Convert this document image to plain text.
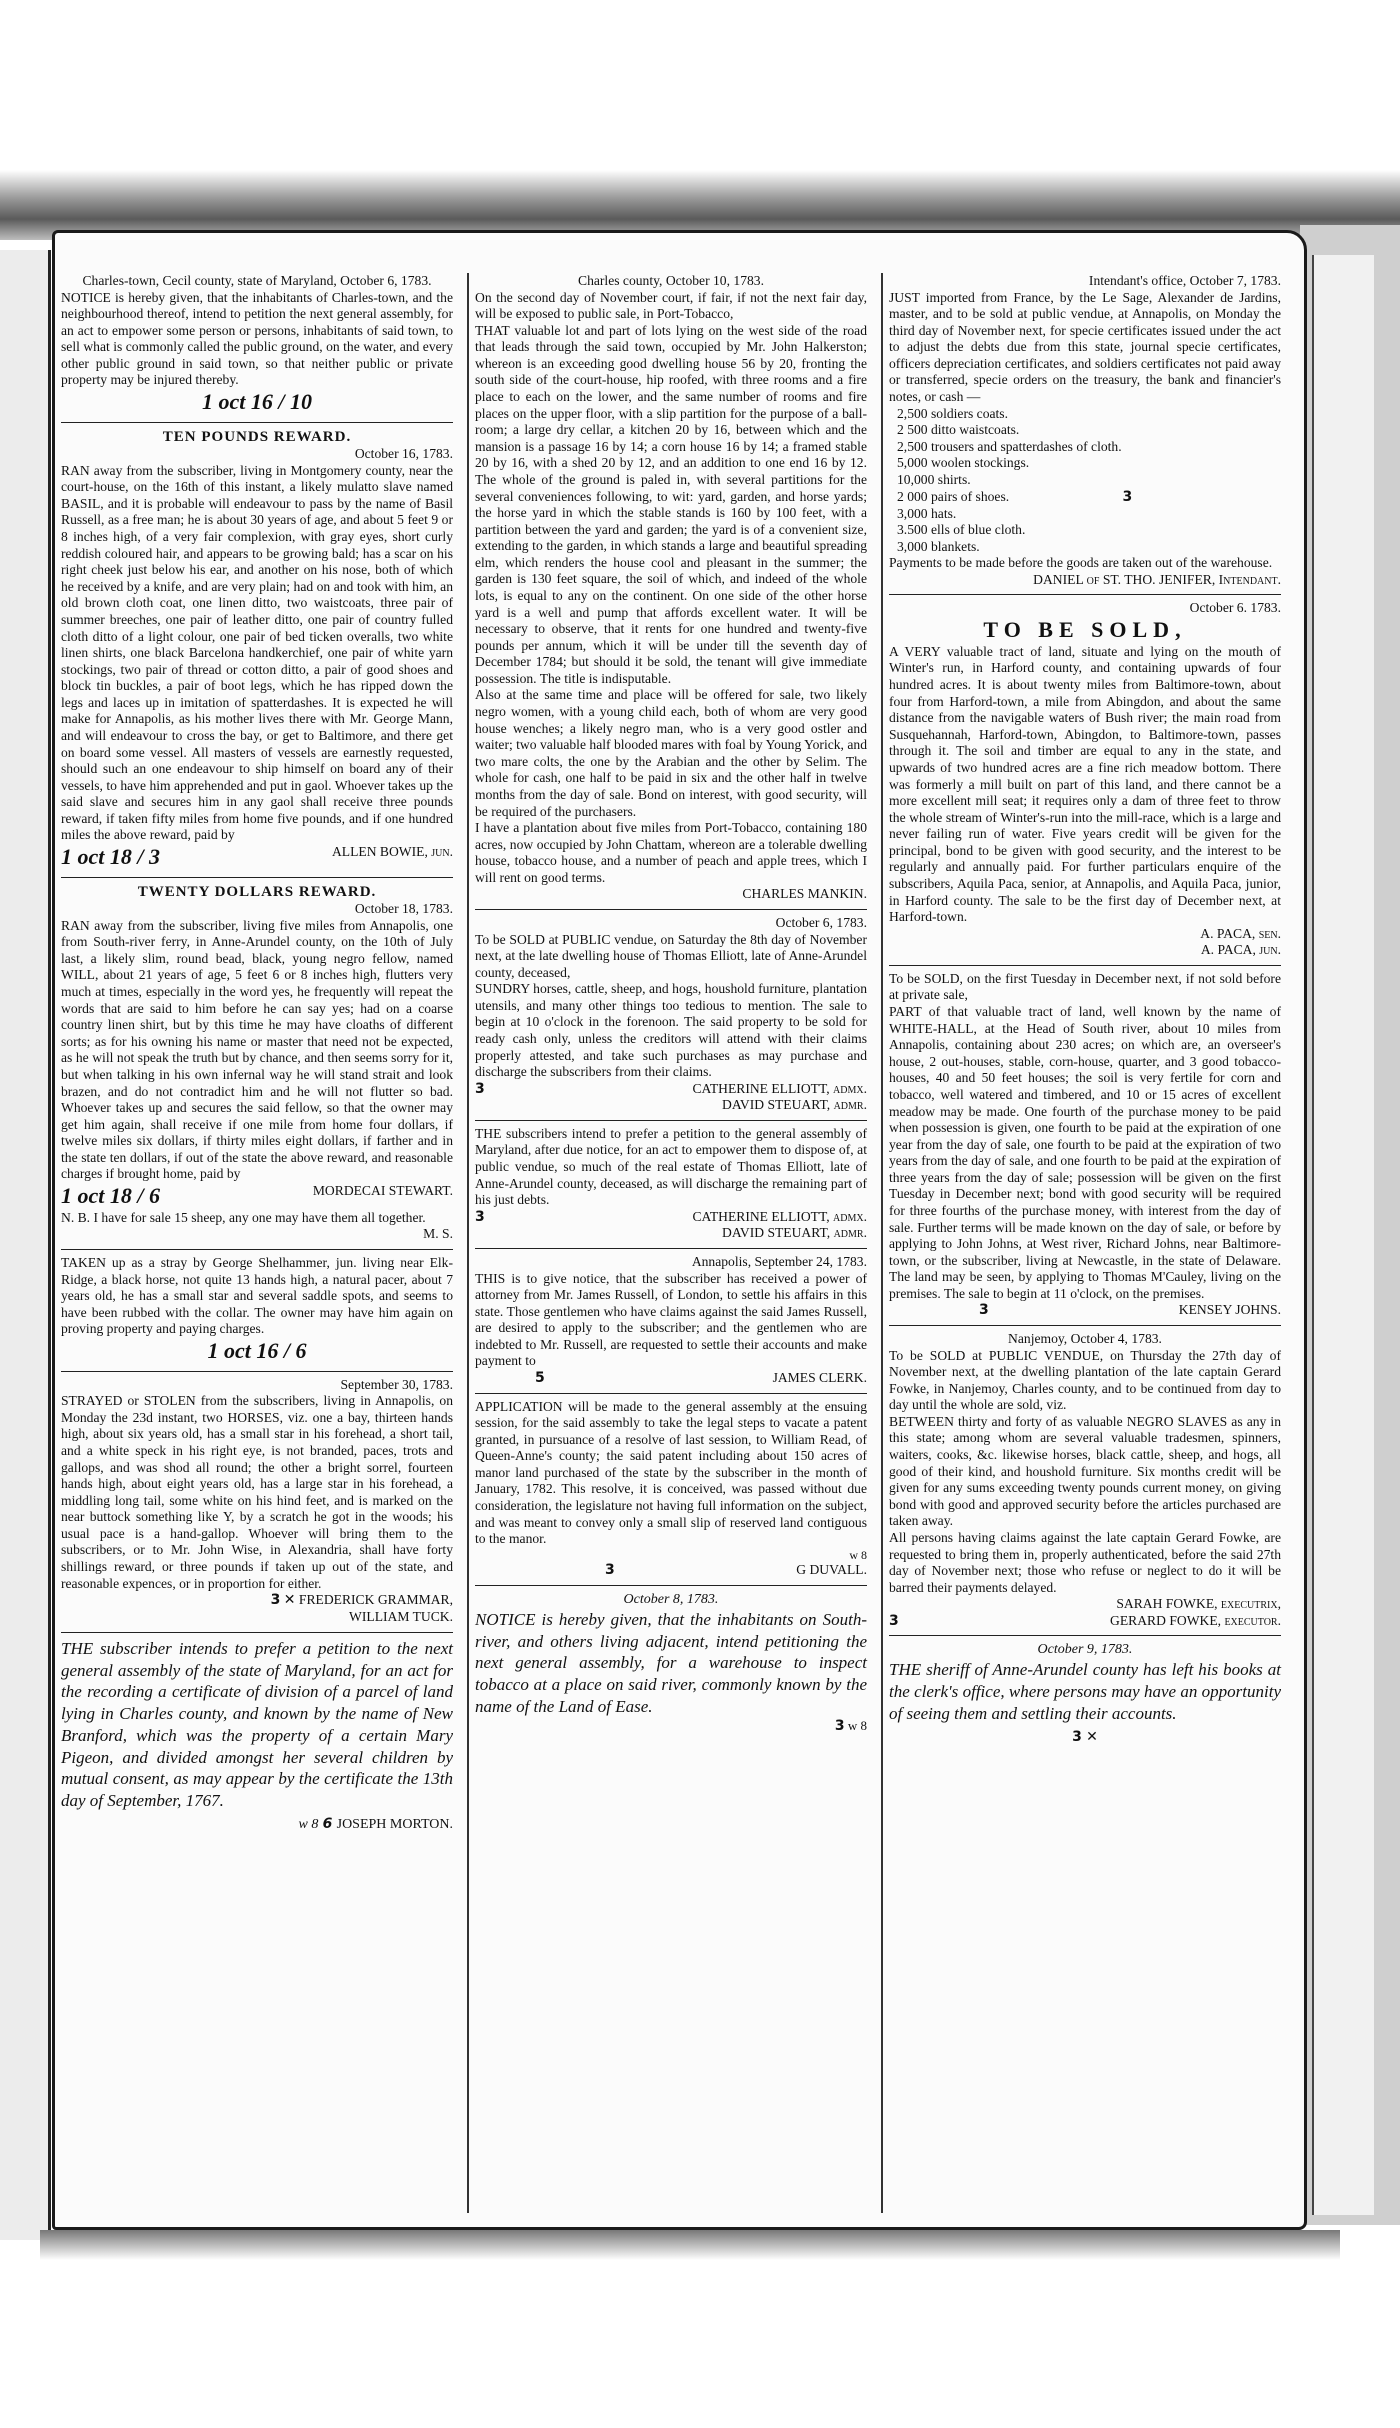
Charles-town, Cecil county, state of Maryland, October 6, 1783.

NOTICE is hereby given, that the inhabitants of Charles-town, and the neighbourhood thereof, intend to petition the next general assembly, for an act to empower some person or persons, inhabitants of said town, to sell what is commonly called the public ground, on the water, and every other public ground in said town, so that neither public or private property may be injured thereby.

1 oct 16 / 10

TEN POUNDS REWARD.

October 16, 1783.

RAN away from the subscriber, living in Montgomery county, near the court-house, on the 16th of this instant, a likely mulatto slave named BASIL, and it is probable will endeavour to pass by the name of Basil Russell, as a free man; he is about 30 years of age, and about 5 feet 9 or 8 inches high, of a very fair complexion, with gray eyes, short curly reddish coloured hair, and appears to be growing bald; has a scar on his right cheek just below his ear, and another on his nose, both of which he received by a knife, and are very plain; had on and took with him, an old brown cloth coat, one linen ditto, two waistcoats, three pair of summer breeches, one pair of leather ditto, one pair of country fulled cloth ditto of a light colour, one pair of bed ticken overalls, two white linen shirts, one black Barcelona handkerchief, one pair of white yarn stockings, two pair of thread or cotton ditto, a pair of good shoes and block tin buckles, a pair of boot legs, which he has ripped down the legs and laces up in imitation of spatterdashes. It is expected he will make for Annapolis, as his mother lives there with Mr. George Mann, and will endeavour to cross the bay, or get to Baltimore, and there get on board some vessel. All masters of vessels are earnestly requested, should such an one endeavour to ship himself on board any of their vessels, to have him apprehended and put in gaol. Whoever takes up the said slave and secures him in any gaol shall receive three pounds reward, if taken fifty miles from home five pounds, and if one hundred miles the above reward, paid by

1 oct 18 / 3	ALLEN BOWIE, jun.

TWENTY DOLLARS REWARD.

October 18, 1783.

RAN away from the subscriber, living five miles from Annapolis, one from South-river ferry, in Anne-Arundel county, on the 10th of July last, a likely slim, round bead, black, young negro fellow, named WILL, about 21 years of age, 5 feet 6 or 8 inches high, flutters very much at times, especially in the word yes, he frequently will repeat the words that are said to him before he can say yes; had on a coarse country linen shirt, but by this time he may have cloaths of different sorts; as for his owning his name or master that need not be expected, as he will not speak the truth but by chance, and then seems sorry for it, but when talking in his own infernal way he will stand strait and look brazen, and do not contradict him and he will not flutter so bad. Whoever takes up and secures the said fellow, so that the owner may get him again, shall receive if one mile from home four dollars, if twelve miles six dollars, if thirty miles eight dollars, if farther and in the state ten dollars, if out of the state the above reward, and reasonable charges if brought home, paid by

1 oct 18 / 6	MORDECAI STEWART.

N. B. I have for sale 15 sheep, any one may have them all together.

M. S.

TAKEN up as a stray by George Shelhammer, jun. living near Elk-Ridge, a black horse, not quite 13 hands high, a natural pacer, about 7 years old, he has a small star and several saddle spots, and seems to have been rubbed with the collar. The owner may have him again on proving property and paying charges.

1 oct 16 / 6

September 30, 1783.

STRAYED or STOLEN from the subscribers, living in Annapolis, on Monday the 23d instant, two HORSES, viz. one a bay, thirteen hands high, about six years old, has a small star in his forehead, a short tail, and a white speck in his right eye, is not branded, paces, trots and gallops, and was shod all round; the other a bright sorrel, fourteen hands high, about eight years old, has a large star in his forehead, a middling long tail, some white on his hind feet, and is marked on the near buttock something like Y, by a scratch he got in the woods; his usual pace is a hand-gallop. Whoever will bring them to the subscribers, or to Mr. John Wise, in Alexandria, shall have forty shillings reward, or three pounds if taken up out of the state, and reasonable expences, or in proportion for either.

3 ✕ FREDERICK GRAMMAR,

WILLIAM TUCK.

THE subscriber intends to prefer a petition to the next general assembly of the state of Maryland, for an act for the recording a certificate of division of a parcel of land lying in Charles county, and known by the name of New Branford, which was the property of a certain Mary Pigeon, and divided amongst her several children by mutual consent, as may appear by the certificate the 13th day of September, 1767.

w 8 6 JOSEPH MORTON.

Charles county, October 10, 1783.

On the second day of November court, if fair, if not the next fair day, will be exposed to public sale, in Port-Tobacco,

THAT valuable lot and part of lots lying on the west side of the road that leads through the said town, occupied by Mr. John Halkerston; whereon is an exceeding good dwelling house 56 by 20, fronting the south side of the court-house, hip roofed, with three rooms and a fire place to each on the lower, and the same number of rooms and fire places on the upper floor, with a slip partition for the purpose of a ball-room; a large dry cellar, a kitchen 20 by 16, between which and the mansion is a passage 16 by 14; a corn house 16 by 14; a framed stable 20 by 16, with a shed 20 by 12, and an addition to one end 16 by 12. The whole of the ground is paled in, with several partitions for the several conveniences following, to wit: yard, garden, and horse yards; the horse yard in which the stable stands is 160 by 100 feet, with a partition between the yard and garden; the yard is of a convenient size, extending to the garden, in which stands a large and beautiful spreading elm, which renders the house cool and pleasant in the summer; the garden is 130 feet square, the soil of which, and indeed of the whole lots, is equal to any on the continent. On one side of the other horse yard is a well and pump that affords excellent water. It will be necessary to observe, that it rents for one hundred and twenty-five pounds per annum, which it will be under till the seventh day of December 1784; but should it be sold, the tenant will give immediate possession. The title is indisputable.

Also at the same time and place will be offered for sale, two likely negro women, with a young child each, both of whom are very good house wenches; a likely negro man, who is a very good ostler and waiter; two valuable half blooded mares with foal by Young Yorick, and two mare colts, the one by the Arabian and the other by Selim. The whole for cash, one half to be paid in six and the other half in twelve months from the day of sale. Bond on interest, with good security, will be required of the purchasers.

I have a plantation about five miles from Port-Tobacco, containing 180 acres, now occupied by John Chattam, whereon are a tolerable dwelling house, tobacco house, and a number of peach and apple trees, which I will rent on good terms.

CHARLES MANKIN.

October 6, 1783.

To be SOLD at PUBLIC vendue, on Saturday the 8th day of November next, at the late dwelling house of Thomas Elliott, late of Anne-Arundel county, deceased,

SUNDRY horses, cattle, sheep, and hogs, houshold furniture, plantation utensils, and many other things too tedious to mention. The sale to begin at 10 o'clock in the forenoon. The said property to be sold for ready cash only, unless the creditors will attend with their claims properly attested, and take such purchases as may purchase and discharge the subscribers from their claims.

3	CATHERINE ELLIOTT, admx.

DAVID STEUART, admr.

THE subscribers intend to prefer a petition to the general assembly of Maryland, after due notice, for an act to empower them to dispose of, at public vendue, so much of the real estate of Thomas Elliott, late of Anne-Arundel county, deceased, as will discharge the remaining part of his just debts.

3	CATHERINE ELLIOTT, admx.

DAVID STEUART, admr.

Annapolis, September 24, 1783.

THIS is to give notice, that the subscriber has received a power of attorney from Mr. James Russell, of London, to settle his affairs in this state. Those gentlemen who have claims against the said James Russell, are desired to apply to the subscriber; and the gentlemen who are indebted to Mr. Russell, are requested to settle their accounts and make payment to

5	JAMES CLERK.

APPLICATION will be made to the general assembly at the ensuing session, for the said assembly to take the legal steps to vacate a patent granted, in pursuance of a resolve of last session, to William Read, of Queen-Anne's county; the said patent including about 150 acres of manor land purchased of the state by the subscriber in the month of January, 1782. This resolve, it is conceived, was passed without due consideration, the legislature not having full information on the subject, and was meant to convey only a small slip of reserved land contiguous to the manor.

w 8

3	G DUVALL.

October 8, 1783.

NOTICE is hereby given, that the inhabitants on South-river, and others living adjacent, intend petitioning the next general assembly, for a warehouse to inspect tobacco at a place on said river, commonly known by the name of the Land of Ease.

3 w 8

Intendant's office, October 7, 1783.

JUST imported from France, by the Le Sage, Alexander de Jardins, master, and to be sold at public vendue, at Annapolis, on Monday the third day of November next, for specie certificates issued under the act to adjust the debts due from this state, journal specie certificates, officers depreciation certificates, and soldiers certificates not paid away or transferred, specie orders on the treasury, the bank and financier's notes, or cash —

2,500 soldiers coats.

2 500 ditto waistcoats.

2,500 trousers and spatterdashes of cloth.

5,000 woolen stockings.

10,000 shirts.

2 000 pairs of shoes.	3

3,000 hats.

3.500 ells of blue cloth.

3,000 blankets.

Payments to be made before the goods are taken out of the warehouse.

DANIEL of ST. THO. JENIFER, Intendant.

October 6. 1783.

TO BE SOLD,

A VERY valuable tract of land, situate and lying on the mouth of Winter's run, in Harford county, and containing upwards of four hundred acres. It is about twenty miles from Baltimore-town, about four from Harford-town, a mile from Abingdon, and about the same distance from the navigable waters of Bush river; the main road from Susquehannah, Harford-town, Abingdon, to Baltimore-town, passes through it. The soil and timber are equal to any in the state, and upwards of two hundred acres are a fine rich meadow bottom. There was formerly a mill built on part of this land, and there cannot be a more excellent mill seat; it requires only a dam of three feet to throw the whole stream of Winter's-run into the mill-race, which is a large and never failing run of water. Five years credit will be given for the principal, bond to be given with good security, and the interest to be regularly and annually paid. For further particulars enquire of the subscribers, Aquila Paca, senior, at Annapolis, and Aquila Paca, junior, in Harford county. The sale to be the first day of December next, at Harford-town.

A. PACA, sen.

A. PACA, jun.

To be SOLD, on the first Tuesday in December next, if not sold before at private sale,

PART of that valuable tract of land, well known by the name of WHITE-HALL, at the Head of South river, about 10 miles from Annapolis, containing about 230 acres; on which are, an overseer's house, 2 out-houses, stable, corn-house, quarter, and 3 good tobacco-houses, 40 and 50 feet houses; the soil is very fertile for corn and tobacco, well watered and timbered, and 10 or 15 acres of excellent meadow may be made. One fourth of the purchase money to be paid when possession is given, one fourth to be paid at the expiration of one year from the day of sale, one fourth to be paid at the expiration of two years from the day of sale, and one fourth to be paid at the expiration of three years from the day of sale; possession will be given on the first Tuesday in December next; bond with good security will be required for three fourths of the purchase money, with interest from the day of sale. Further terms will be made known on the day of sale, or before by applying to John Johns, at West river, Richard Johns, near Baltimore-town, or the subscriber, living at Newcastle, in the state of Delaware. The land may be seen, by applying to Thomas M'Cauley, living on the premises. The sale to begin at 11 o'clock, on the premises.

3	KENSEY JOHNS.

Nanjemoy, October 4, 1783.

To be SOLD at PUBLIC VENDUE, on Thursday the 27th day of November next, at the dwelling plantation of the late captain Gerard Fowke, in Nanjemoy, Charles county, and to be continued from day to day until the whole are sold, viz.

BETWEEN thirty and forty of as valuable NEGRO SLAVES as any in this state; among whom are several valuable tradesmen, spinners, waiters, cooks, &c. likewise horses, black cattle, sheep, and hogs, all good of their kind, and houshold furniture. Six months credit will be given for any sums exceeding twenty pounds current money, on giving bond with good and approved security before the articles purchased are taken away.

All persons having claims against the late captain Gerard Fowke, are requested to bring them in, properly authenticated, before the said 27th day of November next; those who refuse or neglect to do it will be barred their payments delayed.

SARAH FOWKE, executrix,

3	GERARD FOWKE, executor.

October 9, 1783.

THE sheriff of Anne-Arundel county has left his books at the clerk's office, where persons may have an opportunity of seeing them and settling their accounts.

3 ✕
